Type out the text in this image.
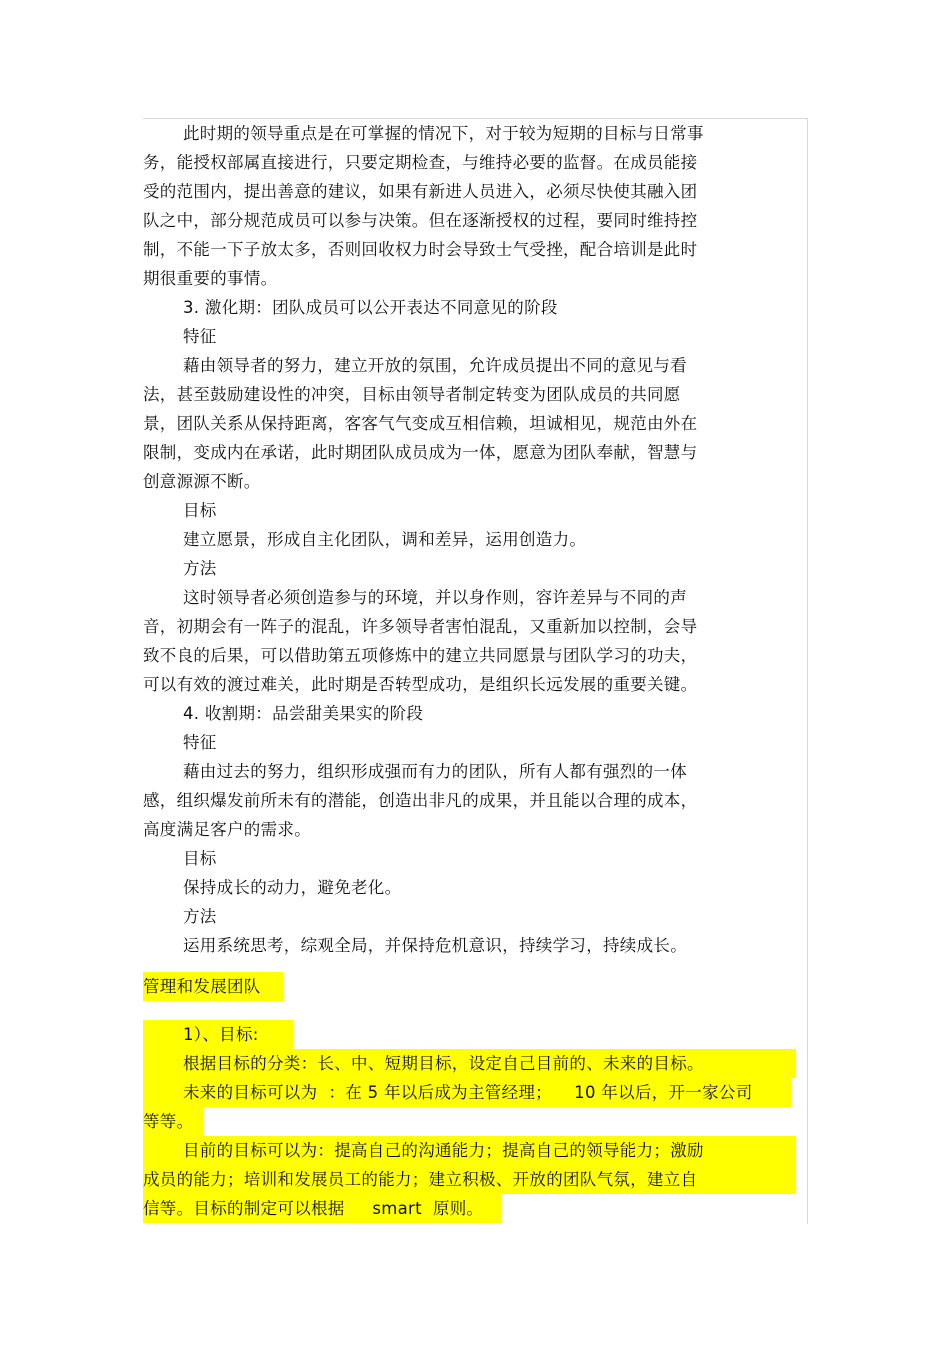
此时期的领导重点是在可掌握的情况下，对于较为短期的目标与日常事
务，能授权部属直接进行，只要定期检查，与维持必要的监督。在成员能接
受的范围内，提出善意的建议，如果有新进人员进入，必须尽快使其融入团
队之中，部分规范成员可以参与决策。但在逐渐授权的过程，要同时维持控
制，不能一下子放太多，否则回收权力时会导致士气受挫，配合培训是此时
期很重要的事情。
3. 激化期：团队成员可以公开表达不同意见的阶段
特征
藉由领导者的努力，建立开放的氛围，允许成员提出不同的意见与看
法，甚至鼓励建设性的冲突，目标由领导者制定转变为团队成员的共同愿
景，团队关系从保持距离，客客气气变成互相信赖，坦诚相见，规范由外在
限制，变成内在承诺，此时期团队成员成为一体，愿意为团队奉献，智慧与
创意源源不断。
目标
建立愿景，形成自主化团队，调和差异，运用创造力。
方法
这时领导者必须创造参与的环境，并以身作则，容许差异与不同的声
音，初期会有一阵子的混乱，许多领导者害怕混乱，又重新加以控制，会导
致不良的后果，可以借助第五项修炼中的建立共同愿景与团队学习的功夫，
可以有效的渡过难关，此时期是否转型成功，是组织长远发展的重要关键。
4. 收割期：品尝甜美果实的阶段
特征
藉由过去的努力，组织形成强而有力的团队，所有人都有强烈的一体
感，组织爆发前所未有的潜能，创造出非凡的成果，并且能以合理的成本，
高度满足客户的需求。
目标
保持成长的动力，避免老化。
方法
运用系统思考，综观全局，并保持危机意识，持续学习，持续成长。
管理和发展团队
1）、目标:
根据目标的分类：长、中、短期目标，设定自己目前的、未来的目标。
未来的目标可以为  ：在 5 年以后成为主管经理；    10 年以后，开一家公司
等等。
目前的目标可以为：提高自己的沟通能力；提高自己的领导能力；激励
成员的能力；培训和发展员工的能力；建立积极、开放的团队气氛，建立自
信等。目标的制定可以根据     smart  原则。
